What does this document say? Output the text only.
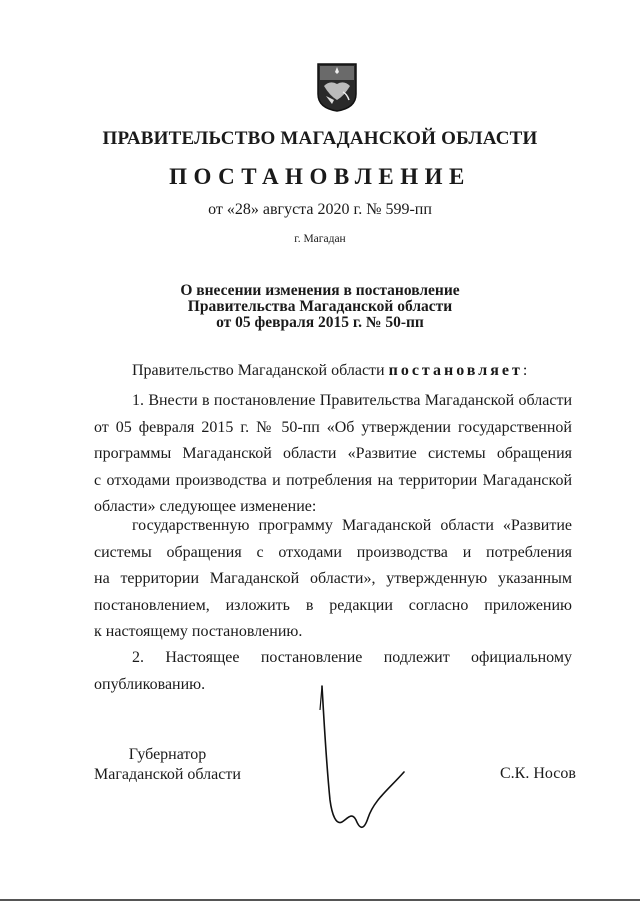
ПРАВИТЕЛЬСТВО МАГАДАНСКОЙ ОБЛАСТИ
ПОСТАНОВЛЕНИЕ
от «28» августа 2020 г. № 599-пп
г. Магадан
О внесении изменения в постановление
Правительства Магаданской области
от 05 февраля 2015 г. № 50-пп
Правительство Магаданской области постановляет:
1. Внести в постановление Правительства Магаданской области
от 05 февраля 2015 г. № 50-пп «Об утверждении государственной
программы Магаданской области «Развитие системы обращения
с отходами производства и потребления на территории Магаданской
области» следующее изменение:
государственную программу Магаданской области «Развитие
системы обращения с отходами производства и потребления
на территории Магаданской области», утвержденную указанным
постановлением, изложить в редакции согласно приложению
к настоящему постановлению.
2. Настоящее постановление подлежит официальному
опубликованию.
Губернатор
Магаданской области	С.К. Носов
